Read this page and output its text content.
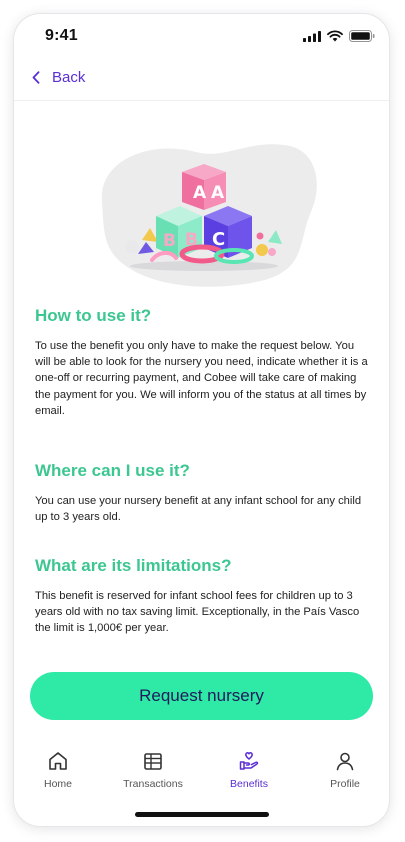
9:41
Back
A A
B B C
How to use it?

To use the benefit you only have to make the request below. You will be able to look for the nursery you need, indicate whether it is a one-off or recurring payment, and Cobee will take care of making the payment for you. We will inform you of the status at all times by email.

Where can I use it?

You can use your nursery benefit at any infant school for any child up to 3 years old.

What are its limitations?

This benefit is reserved for infant school fees for children up to 3 years old with no tax saving limit. Exceptionally, in the País Vasco the limit is 1,000€ per year.

Request nursery
Home	Transactions	Benefits	Profile
